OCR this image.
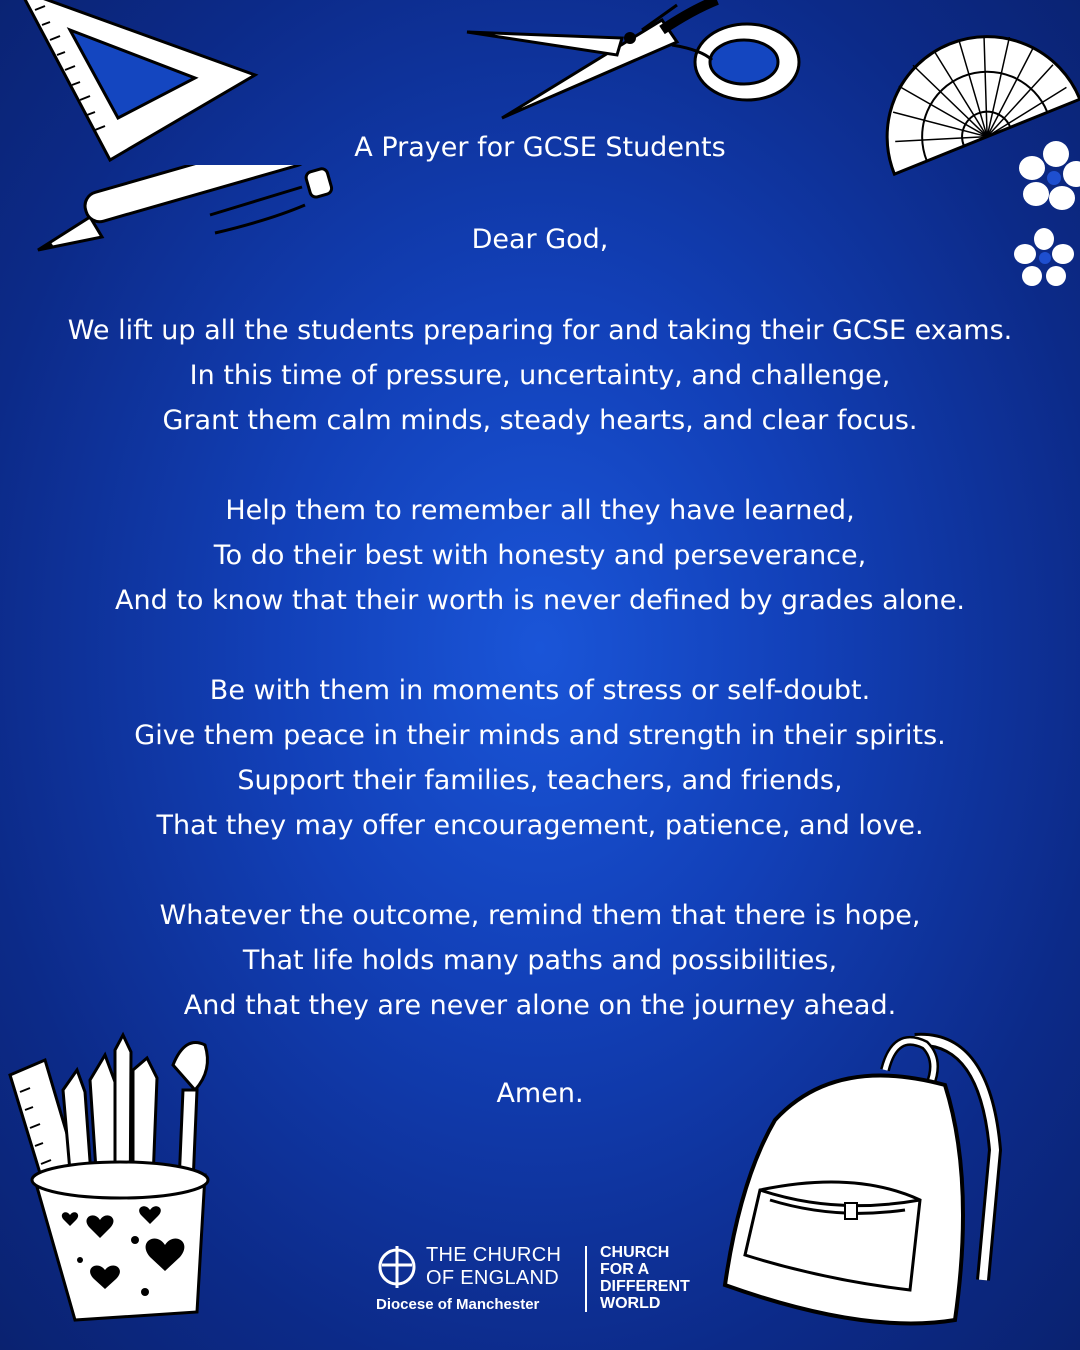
A Prayer for GCSE Students
Dear God,
We lift up all the students preparing for and taking their GCSE exams.
In this time of pressure, uncertainty, and challenge,
Grant them calm minds, steady hearts, and clear focus.
Help them to remember all they have learned,
To do their best with honesty and perseverance,
And to know that their worth is never defined by grades alone.
Be with them in moments of stress or self-doubt.
Give them peace in their minds and strength in their spirits.
Support their families, teachers, and friends,
That they may offer encouragement, patience, and love.
Whatever the outcome, remind them that there is hope,
That life holds many paths and possibilities,
And that they are never alone on the journey ahead.
Amen.
THE CHURCH
OF ENGLAND
Diocese of Manchester
CHURCH
FOR A
DIFFERENT
WORLD
